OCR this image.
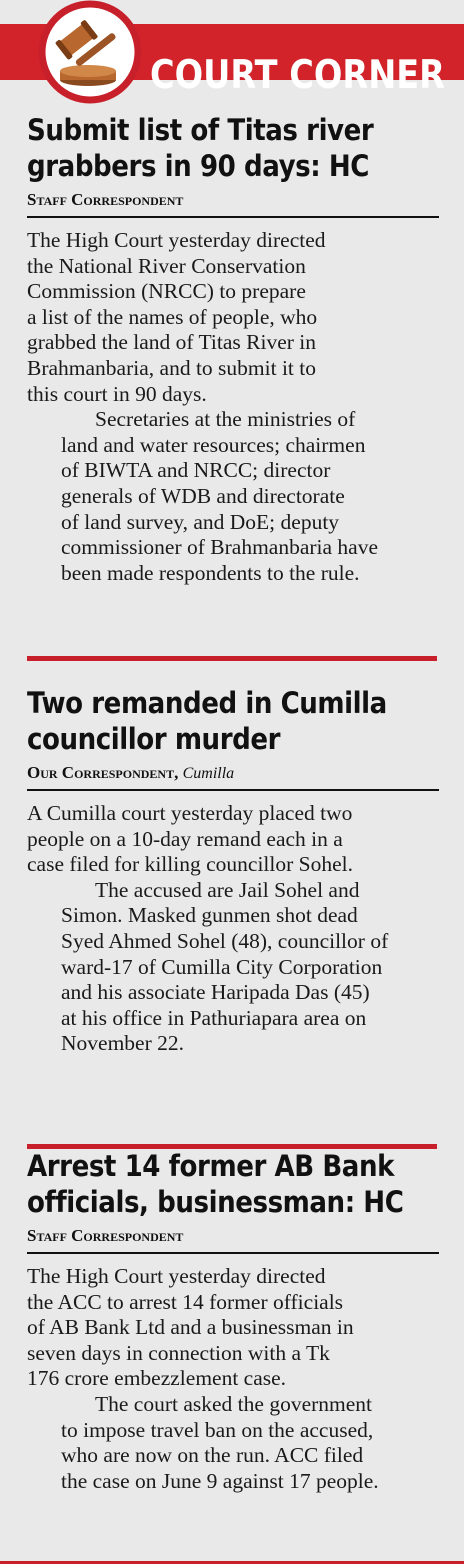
COURT CORNER
Submit list of Titas river
grabbers in 90 days: HC
Staff Correspondent

The High Court yesterday directed
the National River Conservation
Commission (NRCC) to prepare
a list of the names of people, who
grabbed the land of Titas River in
Brahmanbaria, and to submit it to
this court in 90 days.

Secretaries at the ministries of
land and water resources; chairmen
of BIWTA and NRCC; director
generals of WDB and directorate
of land survey, and DoE; deputy
commissioner of Brahmanbaria have
been made respondents to the rule.

Two remanded in Cumilla
councillor murder
Our Correspondent, Cumilla

A Cumilla court yesterday placed two
people on a 10-day remand each in a
case filed for killing councillor Sohel.

The accused are Jail Sohel and
Simon. Masked gunmen shot dead
Syed Ahmed Sohel (48), councillor of
ward-17 of Cumilla City Corporation
and his associate Haripada Das (45)
at his office in Pathuriapara area on
November 22.

Arrest 14 former AB Bank
officials, businessman: HC
Staff Correspondent

The High Court yesterday directed
the ACC to arrest 14 former officials
of AB Bank Ltd and a businessman in
seven days in connection with a Tk
176 crore embezzlement case.

The court asked the government
to impose travel ban on the accused,
who are now on the run. ACC filed
the case on June 9 against 17 people.
